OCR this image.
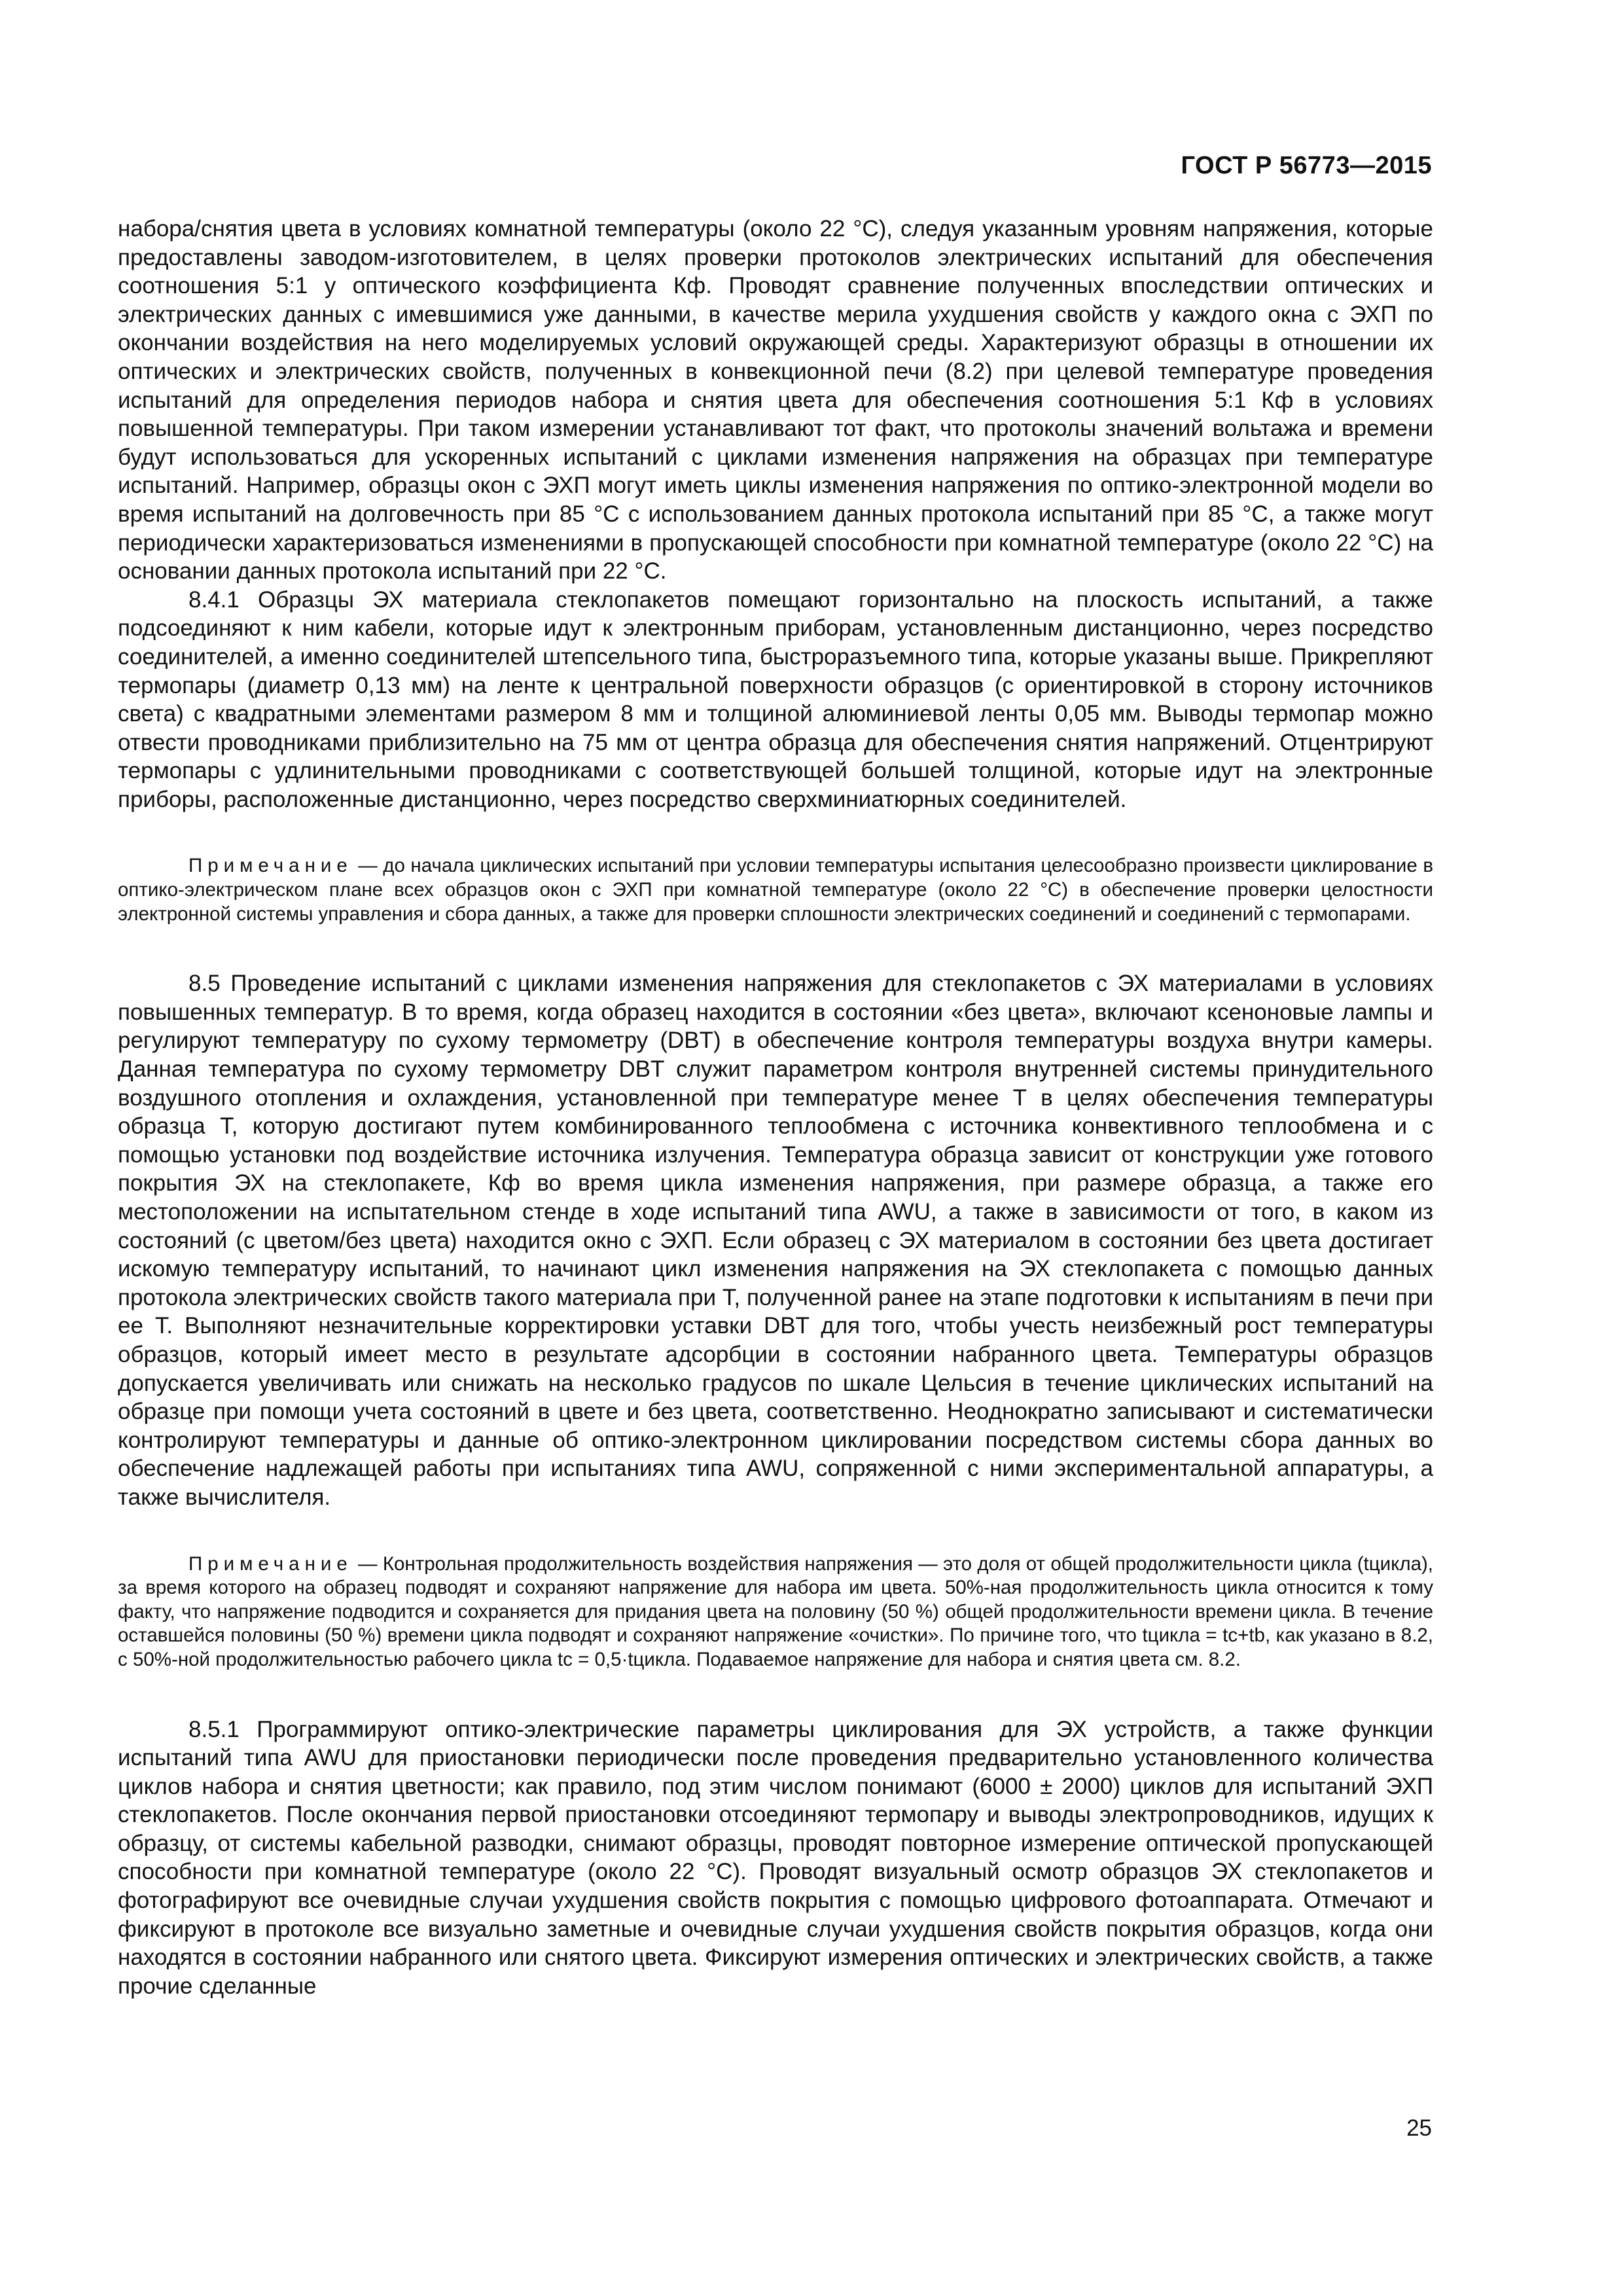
ГОСТ Р 56773—2015

набора/снятия цвета в условиях комнатной температуры (около 22 °С), следуя указанным уровням напряжения, которые предоставлены заводом-изготовителем, в целях проверки протоколов электрических испытаний для обеспечения соотношения 5:1 у оптического коэффициента Кф. Проводят сравнение полученных впоследствии оптических и электрических данных с имевшимися уже данными, в качестве мерила ухудшения свойств у каждого окна с ЭХП по окончании воздействия на него моделируемых условий окружающей среды. Характеризуют образцы в отношении их оптических и электрических свойств, полученных в конвекционной печи (8.2) при целевой температуре проведения испытаний для определения периодов набора и снятия цвета для обеспечения соотношения 5:1 Кф в условиях повышенной температуры. При таком измерении устанавливают тот факт, что протоколы значений вольтажа и времени будут использоваться для ускоренных испытаний с циклами изменения напряжения на образцах при температуре испытаний. Например, образцы окон с ЭХП могут иметь циклы изменения напряжения по оптико-электронной модели во время испытаний на долговечность при 85 °С с использованием данных протокола испытаний при 85 °С, а также могут периодически характеризоваться изменениями в пропускающей способности при комнатной температуре (около 22 °С) на основании данных протокола испытаний при 22 °С.

8.4.1 Образцы ЭХ материала стеклопакетов помещают горизонтально на плоскость испытаний, а также подсоединяют к ним кабели, которые идут к электронным приборам, установленным дистанционно, через посредство соединителей, а именно соединителей штепсельного типа, быстроразъемного типа, которые указаны выше. Прикрепляют термопары (диаметр 0,13 мм) на ленте к центральной поверхности образцов (с ориентировкой в сторону источников света) с квадратными элементами размером 8 мм и толщиной алюминиевой ленты 0,05 мм. Выводы термопар можно отвести проводниками приблизительно на 75 мм от центра образца для обеспечения снятия напряжений. Отцентрируют термопары с удлинительными проводниками с соответствующей большей толщиной, которые идут на электронные приборы, расположенные дистанционно, через посредство сверхминиатюрных соединителей.

Примечание — до начала циклических испытаний при условии температуры испытания целесообразно произвести циклирование в оптико-электрическом плане всех образцов окон с ЭХП при комнатной температуре (около 22 °С) в обеспечение проверки целостности электронной системы управления и сбора данных, а также для проверки сплошности электрических соединений и соединений с термопарами.

8.5 Проведение испытаний с циклами изменения напряжения для стеклопакетов с ЭХ материалами в условиях повышенных температур. В то время, когда образец находится в состоянии «без цвета», включают ксеноновые лампы и регулируют температуру по сухому термометру (DBT) в обеспечение контроля температуры воздуха внутри камеры. Данная температура по сухому термометру DBT служит параметром контроля внутренней системы принудительного воздушного отопления и охлаждения, установленной при температуре менее Т в целях обеспечения температуры образца Т, которую достигают путем комбинированного теплообмена с источника конвективного теплообмена и с помощью установки под воздействие источника излучения. Температура образца зависит от конструкции уже готового покрытия ЭХ на стеклопакете, Кф во время цикла изменения напряжения, при размере образца, а также его местоположении на испытательном стенде в ходе испытаний типа AWU, а также в зависимости от того, в каком из состояний (с цветом/без цвета) находится окно с ЭХП. Если образец с ЭХ материалом в состоянии без цвета достигает искомую температуру испытаний, то начинают цикл изменения напряжения на ЭХ стеклопакета с помощью данных протокола электрических свойств такого материала при Т, полученной ранее на этапе подготовки к испытаниям в печи при ее Т. Выполняют незначительные корректировки уставки DBT для того, чтобы учесть неизбежный рост температуры образцов, который имеет место в результате адсорбции в состоянии набранного цвета. Температуры образцов допускается увеличивать или снижать на несколько градусов по шкале Цельсия в течение циклических испытаний на образце при помощи учета состояний в цвете и без цвета, соответственно. Неоднократно записывают и систематически контролируют температуры и данные об оптико-электронном циклировании посредством системы сбора данных во обеспечение надлежащей работы при испытаниях типа AWU, сопряженной с ними экспериментальной аппаратуры, а также вычислителя.

Примечание — Контрольная продолжительность воздействия напряжения — это доля от общей продолжительности цикла (tцикла), за время которого на образец подводят и сохраняют напряжение для набора им цвета. 50%-ная продолжительность цикла относится к тому факту, что напряжение подводится и сохраняется для придания цвета на половину (50 %) общей продолжительности времени цикла. В течение оставшейся половины (50 %) времени цикла подводят и сохраняют напряжение «очистки». По причине того, что tцикла = tc+tb, как указано в 8.2, с 50%-ной продолжительностью рабочего цикла tc = 0,5·tцикла. Подаваемое напряжение для набора и снятия цвета см. 8.2.

8.5.1 Программируют оптико-электрические параметры циклирования для ЭХ устройств, а также функции испытаний типа AWU для приостановки периодически после проведения предварительно установленного количества циклов набора и снятия цветности; как правило, под этим числом понимают (6000 ± 2000) циклов для испытаний ЭХП стеклопакетов. После окончания первой приостановки отсоединяют термопару и выводы электропроводников, идущих к образцу, от системы кабельной разводки, снимают образцы, проводят повторное измерение оптической пропускающей способности при комнатной температуре (около 22 °С). Проводят визуальный осмотр образцов ЭХ стеклопакетов и фотографируют все очевидные случаи ухудшения свойств покрытия с помощью цифрового фотоаппарата. Отмечают и фиксируют в протоколе все визуально заметные и очевидные случаи ухудшения свойств покрытия образцов, когда они находятся в состоянии набранного или снятого цвета. Фиксируют измерения оптических и электрических свойств, а также прочие сделанные

25
